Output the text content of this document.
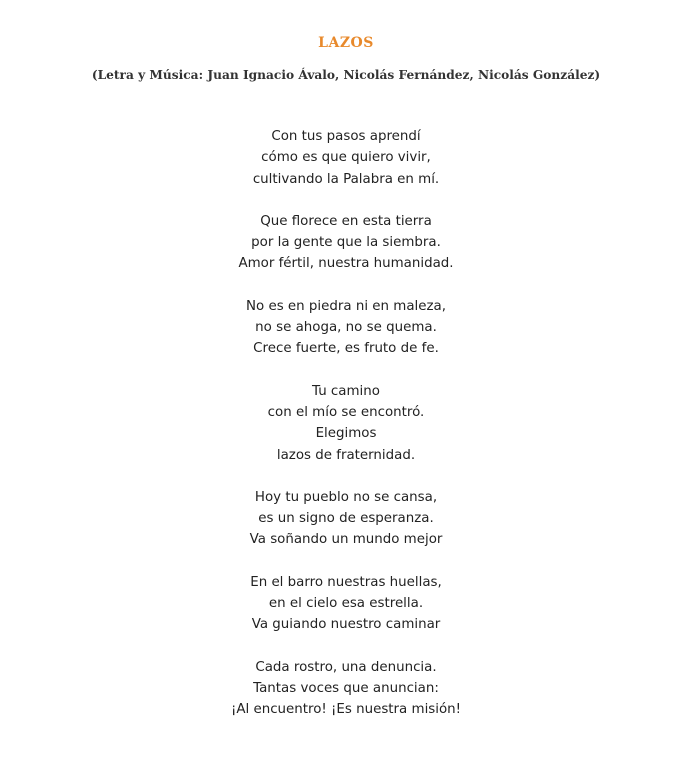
LAZOS
(Letra y Música: Juan Ignacio Ávalo, Nicolás Fernández, Nicolás González)
Con tus pasos aprendí
cómo es que quiero vivir,
cultivando la Palabra en mí.
Que florece en esta tierra
por la gente que la siembra.
Amor fértil, nuestra humanidad.
No es en piedra ni en maleza,
no se ahoga, no se quema.
Crece fuerte, es fruto de fe.
Tu camino
con el mío se encontró.
Elegimos
lazos de fraternidad.
Hoy tu pueblo no se cansa,
es un signo de esperanza.
Va soñando un mundo mejor
En el barro nuestras huellas,
en el cielo esa estrella.
Va guiando nuestro caminar
Cada rostro, una denuncia.
Tantas voces que anuncian:
¡Al encuentro! ¡Es nuestra misión!
